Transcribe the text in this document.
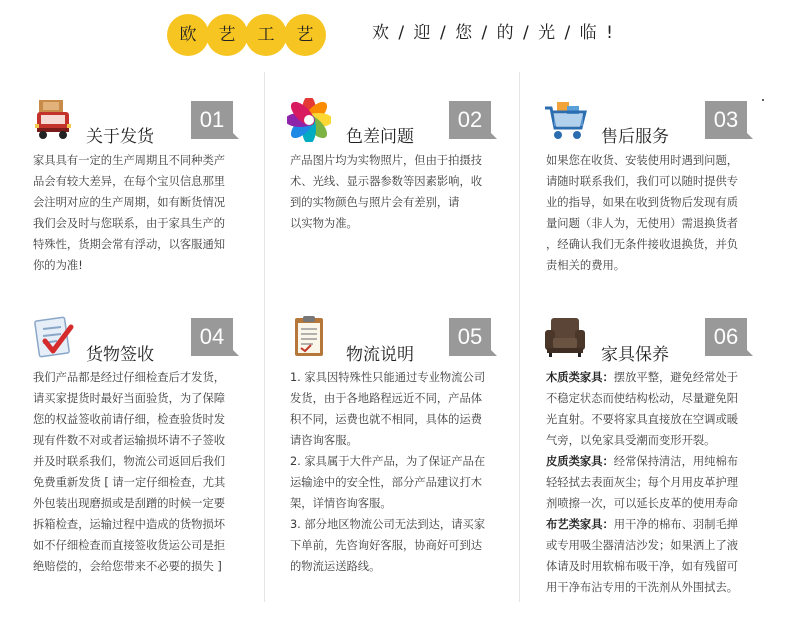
欧	艺	工	艺	欢 / 迎 / 您 / 的 / 光 / 临 !
关于发货
01

家具具有一定的生产周期且不同种类产

品会有较大差异，在每个宝贝信息那里

会注明对应的生产周期，如有断货情况

我们会及时与您联系，由于家具生产的

特殊性，货期会常有浮动，以客服通知

你的为准!

色差问题
02

产品图片均为实物照片，但由于拍摄技

术、光线、显示器参数等因素影响，收

到的实物颜色与照片会有差别，请

以实物为准。

售后服务
03

如果您在收货、安装使用时遇到问题，

请随时联系我们，我们可以随时提供专

业的指导，如果在收到货物后发现有质

量问题（非人为，无使用）需退换货者

，经确认我们无条件接收退换货，并负

责相关的费用。

货物签收
04

我们产品都是经过仔细检查后才发货，

请买家提货时最好当面验货，为了保障

您的权益签收前请仔细，检查验货时发

现有件数不对或者运输损坏请不子签收

并及时联系我们，物流公司返回后我们

免费重新发货 [ 请一定仔细检查，尤其

外包装出现磨损或是刮蹭的时候一定要

拆箱检查，运输过程中造成的货物损坏

如不仔细检查而直接签收货运公司是拒

绝赔偿的，会给您带来不必要的损失 ]

物流说明
05

1. 家具因特殊性只能通过专业物流公司

发货，由于各地路程远近不同，产品体

积不同，运费也就不相同，具体的运费

请咨询客服。

2. 家具属于大件产品，为了保证产品在

运输途中的安全性，部分产品建议打木

架，详情咨询客服。

3. 部分地区物流公司无法到达，请买家

下单前，先咨询好客服，协商好可到达

的物流运送路线。

家具保养
06

木质类家具：摆放平整，避免经常处于

不稳定状态而使结构松动，尽量避免阳

光直射。不要将家具直接放在空调或暖

气旁，以免家具受潮而变形开裂。

皮质类家具：经常保持清洁，用纯棉布

轻轻拭去表面灰尘；每个月用皮革护理

剂喷擦一次，可以延长皮革的使用寿命

布艺类家具：用干净的棉布、羽制毛掸

或专用吸尘器清洁沙发；如果洒上了液

体请及时用软棉布吸干净，如有残留可

用干净布沾专用的干洗剂从外围拭去。
